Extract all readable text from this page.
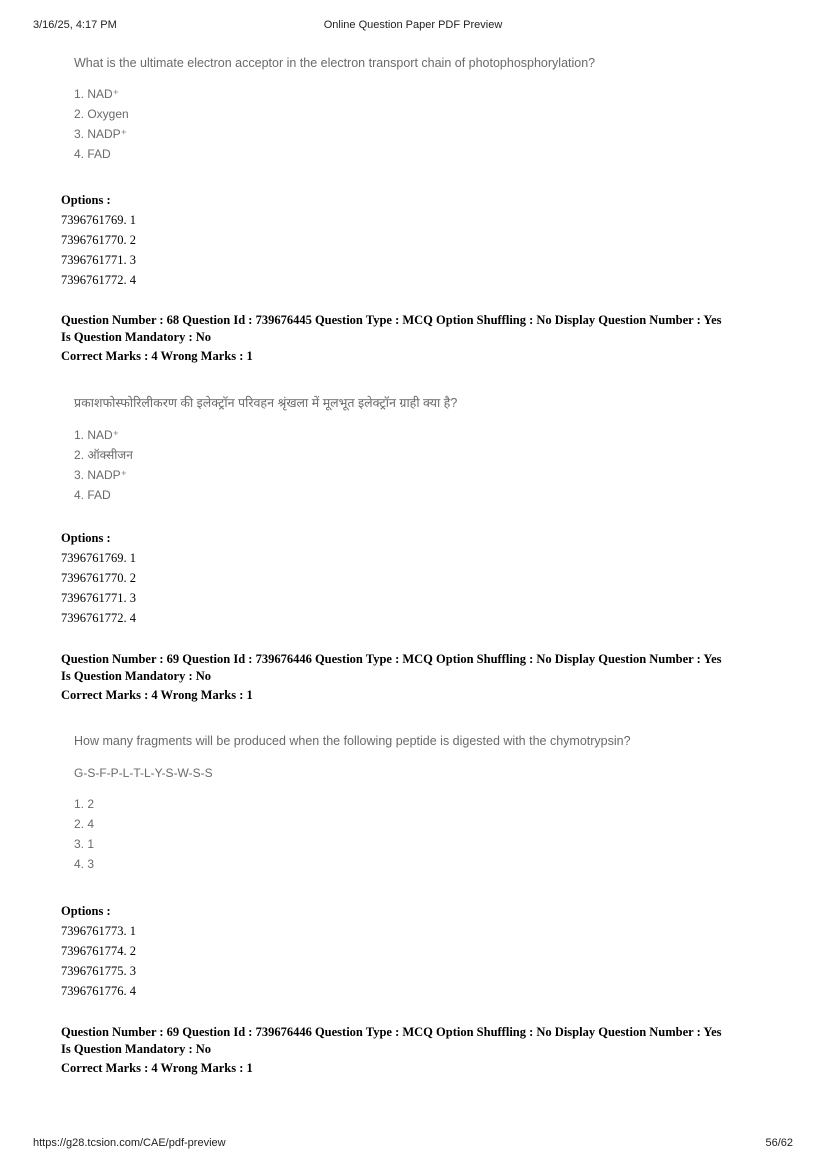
3/16/25, 4:17 PM	Online Question Paper PDF Preview

What is the ultimate electron acceptor in the electron transport chain of photophosphorylation?

1. NAD⁺

2. Oxygen

3. NADP⁺

4. FAD

Options :
7396761769. 1
7396761770. 2
7396761771. 3
7396761772. 4
Question Number : 68 Question Id : 739676445 Question Type : MCQ Option Shuffling : No Display Question Number : Yes
Is Question Mandatory : No
Correct Marks : 4 Wrong Marks : 1

प्रकाशफोस्फोरिलीकरण की इलेक्ट्रॉन परिवहन श्रृंखला में मूलभूत इलेक्ट्रॉन ग्राही क्या है?

1. NAD⁺

2. ऑक्सीजन

3. NADP⁺

4. FAD

Options :
7396761769. 1
7396761770. 2
7396761771. 3
7396761772. 4
Question Number : 69 Question Id : 739676446 Question Type : MCQ Option Shuffling : No Display Question Number : Yes
Is Question Mandatory : No
Correct Marks : 4 Wrong Marks : 1

How many fragments will be produced when the following peptide is digested with the chymotrypsin?

G-S-F-P-L-T-L-Y-S-W-S-S

1. 2

2. 4

3. 1

4. 3

Options :
7396761773. 1
7396761774. 2
7396761775. 3
7396761776. 4
Question Number : 69 Question Id : 739676446 Question Type : MCQ Option Shuffling : No Display Question Number : Yes
Is Question Mandatory : No
Correct Marks : 4 Wrong Marks : 1
https://g28.tcsion.com/CAE/pdf-preview	56/62
